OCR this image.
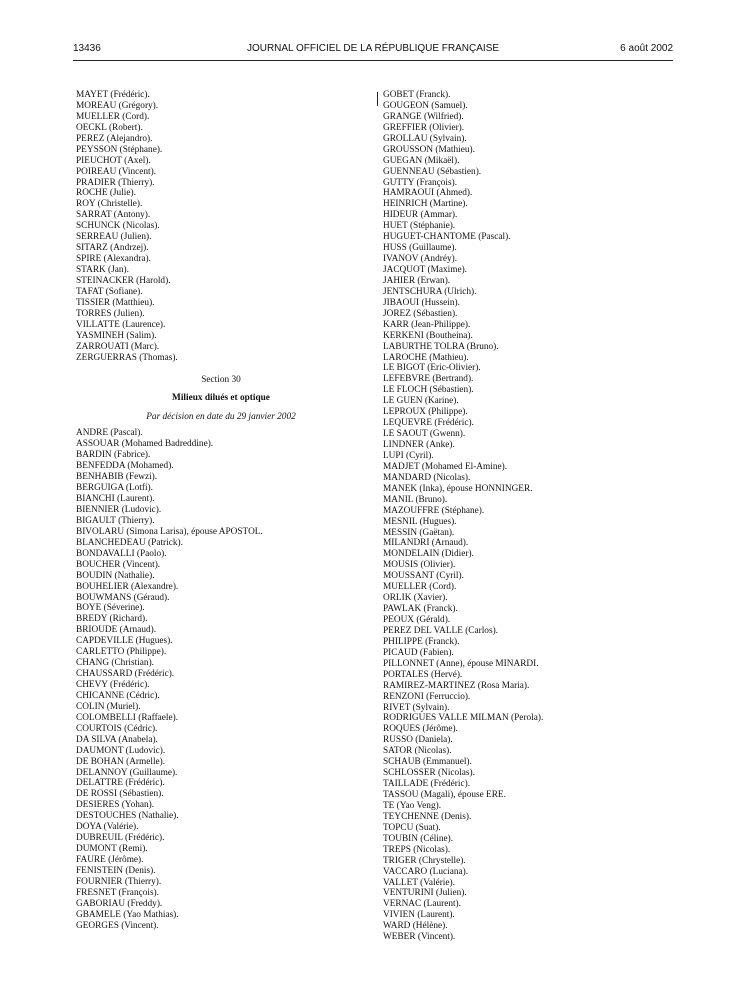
13436	JOURNAL OFFICIEL DE LA RÉPUBLIQUE FRANÇAISE	6 août 2002
MAYET (Frédéric).
MOREAU (Grégory).
MUELLER (Cord).
OECKL (Robert).
PEREZ (Alejandro).
PEYSSON (Stéphane).
PIEUCHOT (Axel).
POIREAU (Vincent).
PRADIER (Thierry).
ROCHE (Julie).
ROY (Christelle).
SARRAT (Antony).
SCHUNCK (Nicolas).
SERREAU (Julien).
SITARZ (Andrzej).
SPIRE (Alexandra).
STARK (Jan).
STEINACKER (Harold).
TAFAT (Sofiane).
TISSIER (Matthieu).
TORRES (Julien).
VILLATTE (Laurence).
YASMINEH (Salim).
ZARROUATI (Marc).
ZERGUERRAS (Thomas).
Section 30
Milieux dilués et optique
Par décision en date du 29 janvier 2002
ANDRE (Pascal).
ASSOUAR (Mohamed Badreddine).
BARDIN (Fabrice).
BENFEDDA (Mohamed).
BENHABIB (Fewzi).
BERGUIGA (Lotfi).
BIANCHI (Laurent).
BIENNIER (Ludovic).
BIGAULT (Thierry).
BIVOLARU (Simona Larisa), épouse APOSTOL.
BLANCHEDEAU (Patrick).
BONDAVALLI (Paolo).
BOUCHER (Vincent).
BOUDIN (Nathalie).
BOUHELIER (Alexandre).
BOUWMANS (Géraud).
BOYE (Séverine).
BREDY (Richard).
BRIOUDE (Arnaud).
CAPDEVILLE (Hugues).
CARLETTO (Philippe).
CHANG (Christian).
CHAUSSARD (Frédéric).
CHEVY (Frédéric).
CHICANNE (Cédric).
COLIN (Muriel).
COLOMBELLI (Raffaele).
COURTOIS (Cédric).
DA SILVA (Anabela).
DAUMONT (Ludovic).
DE BOHAN (Armelle).
DELANNOY (Guillaume).
DELATTRE (Frédéric).
DE ROSSI (Sébastien).
DESIERES (Yohan).
DESTOUCHES (Nathalie).
DOYA (Valérie).
DUBREUIL (Frédéric).
DUMONT (Remi).
FAURE (Jérôme).
FENISTEIN (Denis).
FOURNIER (Thierry).
FRESNET (François).
GABORIAU (Freddy).
GBAMELE (Yao Mathias).
GEORGES (Vincent).
GOBET (Franck).
GOUGEON (Samuel).
GRANGE (Wilfried).
GREFFIER (Olivier).
GROLLAU (Sylvain).
GROUSSON (Mathieu).
GUEGAN (Mikaël).
GUENNEAU (Sébastien).
GUTTY (François).
HAMRAOUI (Ahmed).
HEINRICH (Martine).
HIDEUR (Ammar).
HUET (Stéphanie).
HUGUET-CHANTOME (Pascal).
HUSS (Guillaume).
IVANOV (Andréy).
JACQUOT (Maxime).
JAHIER (Erwan).
JENTSCHURA (Ulrich).
JIBAOUI (Hussein).
JOREZ (Sébastien).
KARR (Jean-Philippe).
KERKENI (Boutheina).
LABURTHE TOLRA (Bruno).
LAROCHE (Mathieu).
LE BIGOT (Eric-Olivier).
LEFEBVRE (Bertrand).
LE FLOCH (Sébastien).
LE GUEN (Karine).
LEPROUX (Philippe).
LEQUEVRE (Frédéric).
LE SAOUT (Gwenn).
LINDNER (Anke).
LUPI (Cyril).
MADJET (Mohamed El-Amine).
MANDARD (Nicolas).
MANEK (Inka), épouse HONNINGER.
MANIL (Bruno).
MAZOUFFRE (Stéphane).
MESNIL (Hugues).
MESSIN (Gaëtan).
MILANDRI (Arnaud).
MONDELAIN (Didier).
MOUSIS (Olivier).
MOUSSANT (Cyril).
MUELLER (Cord).
ORLIK (Xavier).
PAWLAK (Franck).
PEOUX (Gérald).
PEREZ DEL VALLE (Carlos).
PHILIPPE (Franck).
PICAUD (Fabien).
PILLONNET (Anne), épouse MINARDI.
PORTALES (Hervé).
RAMIREZ-MARTINEZ (Rosa Maria).
RENZONI (Ferruccio).
RIVET (Sylvain).
RODRIGUES VALLE MILMAN (Perola).
ROQUES (Jérôme).
RUSSO (Daniela).
SATOR (Nicolas).
SCHAUB (Emmanuel).
SCHLOSSER (Nicolas).
TAILLADE (Frédéric).
TASSOU (Magali), épouse ERE.
TE (Yao Veng).
TEYCHENNE (Denis).
TOPCU (Suat).
TOUBIN (Céline).
TREPS (Nicolas).
TRIGER (Chrystelle).
VACCARO (Luciana).
VALLET (Valérie).
VENTURINI (Julien).
VERNAC (Laurent).
VIVIEN (Laurent).
WARD (Hélène).
WEBER (Vincent).
